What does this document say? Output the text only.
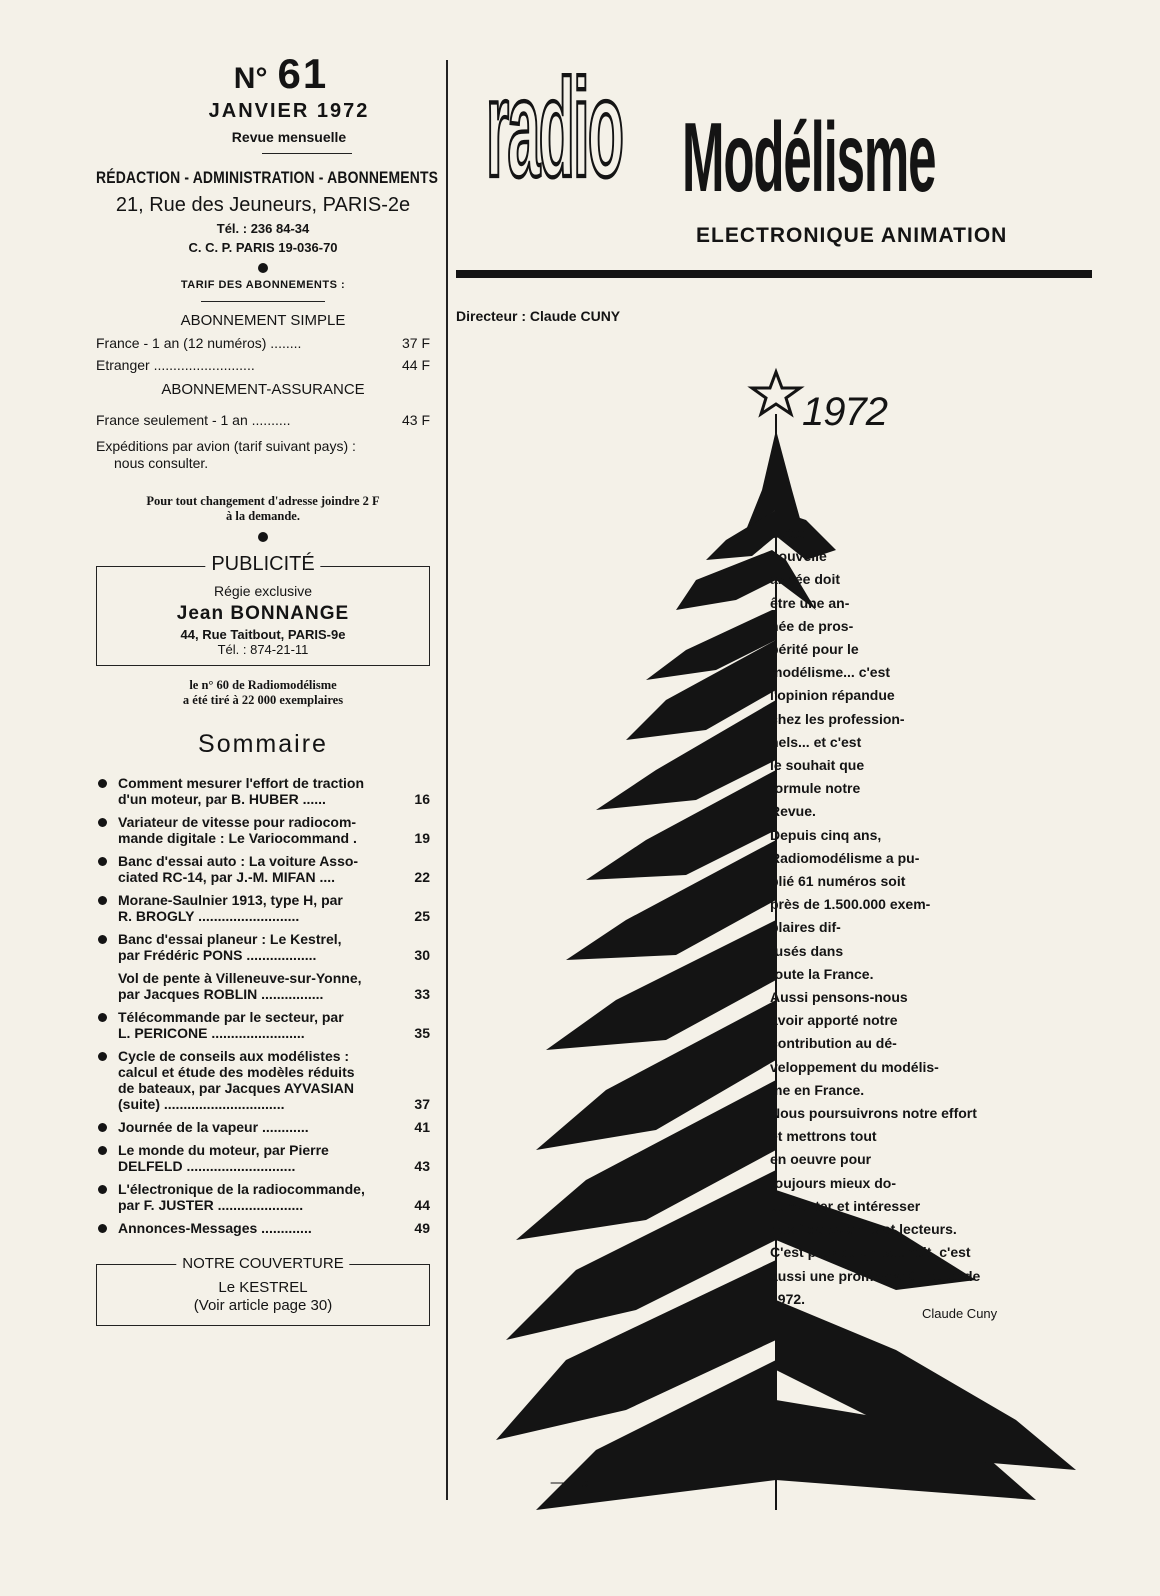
N° 61
JANVIER 1972
Revue mensuelle
RÉDACTION - ADMINISTRATION - ABONNEMENTS
21, Rue des Jeuneurs, PARIS-2e
Tél. : 236 84-34
C. C. P. PARIS 19-036-70
TARIF DES ABONNEMENTS :
ABONNEMENT SIMPLE
France - 1 an (12 numéros) ........	37 F
Etranger ..........................	44 F
ABONNEMENT-ASSURANCE
France seulement - 1 an ..........	43 F
Expéditions par avion (tarif suivant pays) :
nous consulter.
Pour tout changement d'adresse joindre 2 F
à la demande.
PUBLICITÉ
Régie exclusive
Jean BONNANGE
44, Rue Taitbout, PARIS-9e
Tél. : 874-21-11
le n° 60 de Radiomodélisme
a été tiré à 22 000 exemplaires
Sommaire
Comment mesurer l'effort de traction
d'un moteur, par B. HUBER ......	16
Variateur de vitesse pour radiocom-
mande digitale : Le Variocommand .	19
Banc d'essai auto : La voiture Asso-
ciated RC-14, par J.-M. MIFAN ....	22
Morane-Saulnier 1913, type H, par
R. BROGLY ..........................	25
Banc d'essai planeur : Le Kestrel,
par Frédéric PONS ..................	30
Vol de pente à Villeneuve-sur-Yonne,
par Jacques ROBLIN ................	33
Télécommande par le secteur, par
L. PERICONE ........................	35
Cycle de conseils aux modélistes :
calcul et étude des modèles réduits
de bateaux, par Jacques AYVASIAN
(suite) ...............................	37
Journée de la vapeur ............	41
Le monde du moteur, par Pierre
DELFELD ............................	43
L'électronique de la radiocommande,
par F. JUSTER ......................	44
Annonces-Messages .............	49
NOTRE COUVERTURE
Le KESTREL
(Voir article page 30)
radio Modélisme
ELECTRONIQUE ANIMATION
Directeur : Claude CUNY
1972
Cette
nouvelle
année doit
être une an-
née de pros-
périté pour le
modélisme... c'est
l'opinion répandue
chez les profession-
nels... et c'est
le souhait que
formule notre
Revue.
Depuis cinq ans,
Radiomodélisme a pu-
blié 61 numéros soit
près de 1.500.000 exem-
plaires dif-
fusés dans
toute la France.
Aussi pensons-nous
avoir apporté notre
contribution au dé-
veloppement du modélis-
me en France.
Nous poursuivrons notre effort
et mettrons tout
en oeuvre pour
toujours mieux do-
cumenter et intéresser
nos fidèles amis et lecteurs.
C'est plus qu'un souhait, c'est
aussi une promesse à l'aube de
1972.
Claude Cuny
— 15 —
